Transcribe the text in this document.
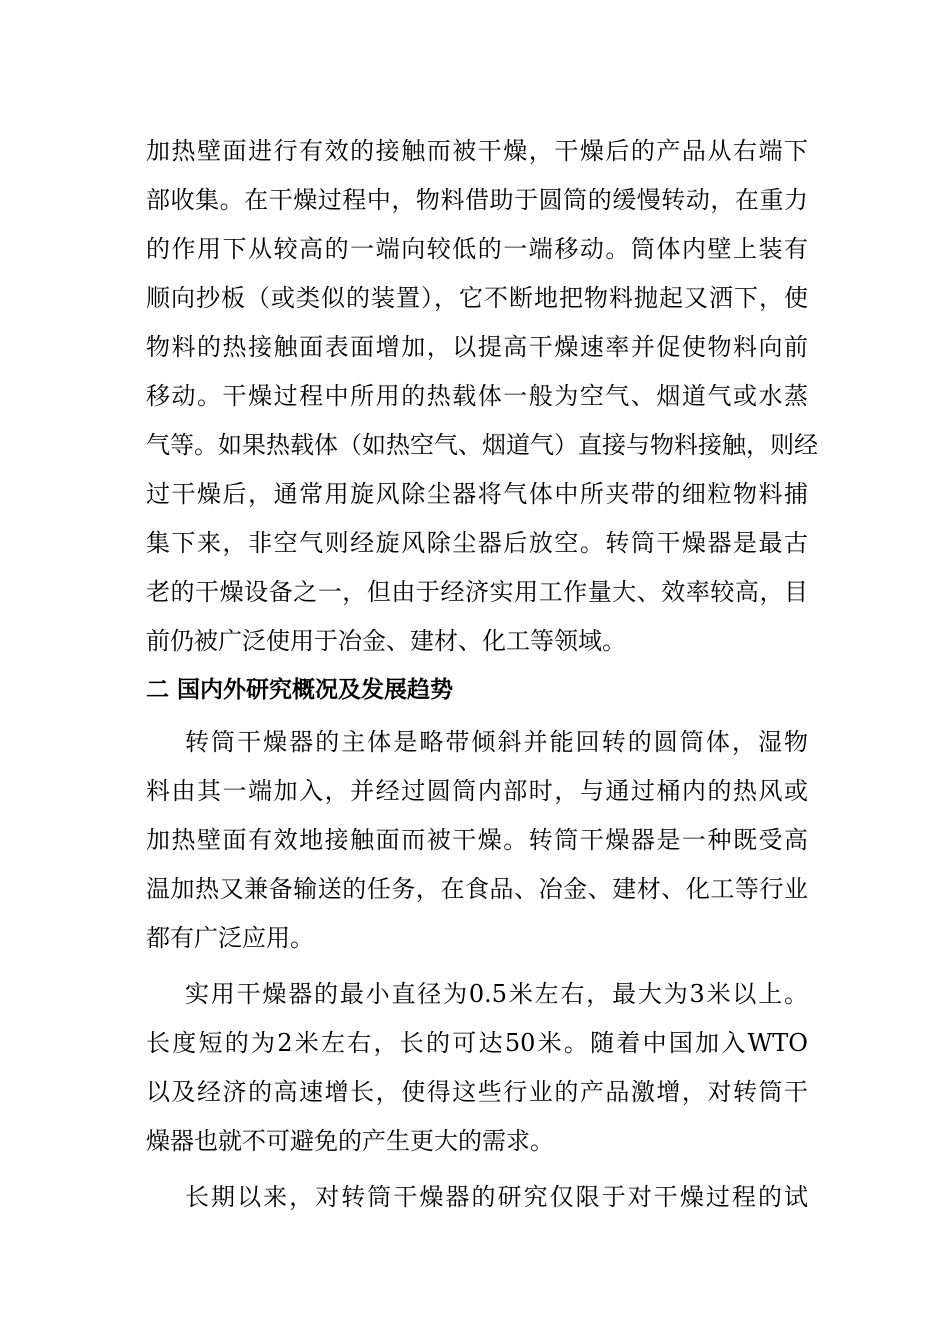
加热壁面进行有效的接触而被干燥，干燥后的产品从右端下
部收集。在干燥过程中，物料借助于圆筒的缓慢转动，在重力
的作用下从较高的一端向较低的一端移动。筒体内壁上装有
顺向抄板（或类似的装置），它不断地把物料抛起又洒下，使
物料的热接触面表面增加，以提高干燥速率并促使物料向前
移动。干燥过程中所用的热载体一般为空气、烟道气或水蒸
气等。如果热载体（如热空气、烟道气）直接与物料接触，则经
过干燥后，通常用旋风除尘器将气体中所夹带的细粒物料捕
集下来，非空气则经旋风除尘器后放空。转筒干燥器是最古
老的干燥设备之一，但由于经济实用工作量大、效率较高，目
前仍被广泛使用于冶金、建材、化工等领域。
二 国内外研究概况及发展趋势
转筒干燥器的主体是略带倾斜并能回转的圆筒体，湿物
料由其一端加入，并经过圆筒内部时，与通过桶内的热风或
加热壁面有效地接触面而被干燥。转筒干燥器是一种既受高
温加热又兼备输送的任务，在食品、冶金、建材、化工等行业
都有广泛应用。
实用干燥器的最小直径为0.5米左右，最大为3米以上。
长度短的为2米左右，长的可达50米。随着中国加入WTO
以及经济的高速增长，使得这些行业的产品激增，对转筒干
燥器也就不可避免的产生更大的需求。
长期以来，对转筒干燥器的研究仅限于对干燥过程的试
